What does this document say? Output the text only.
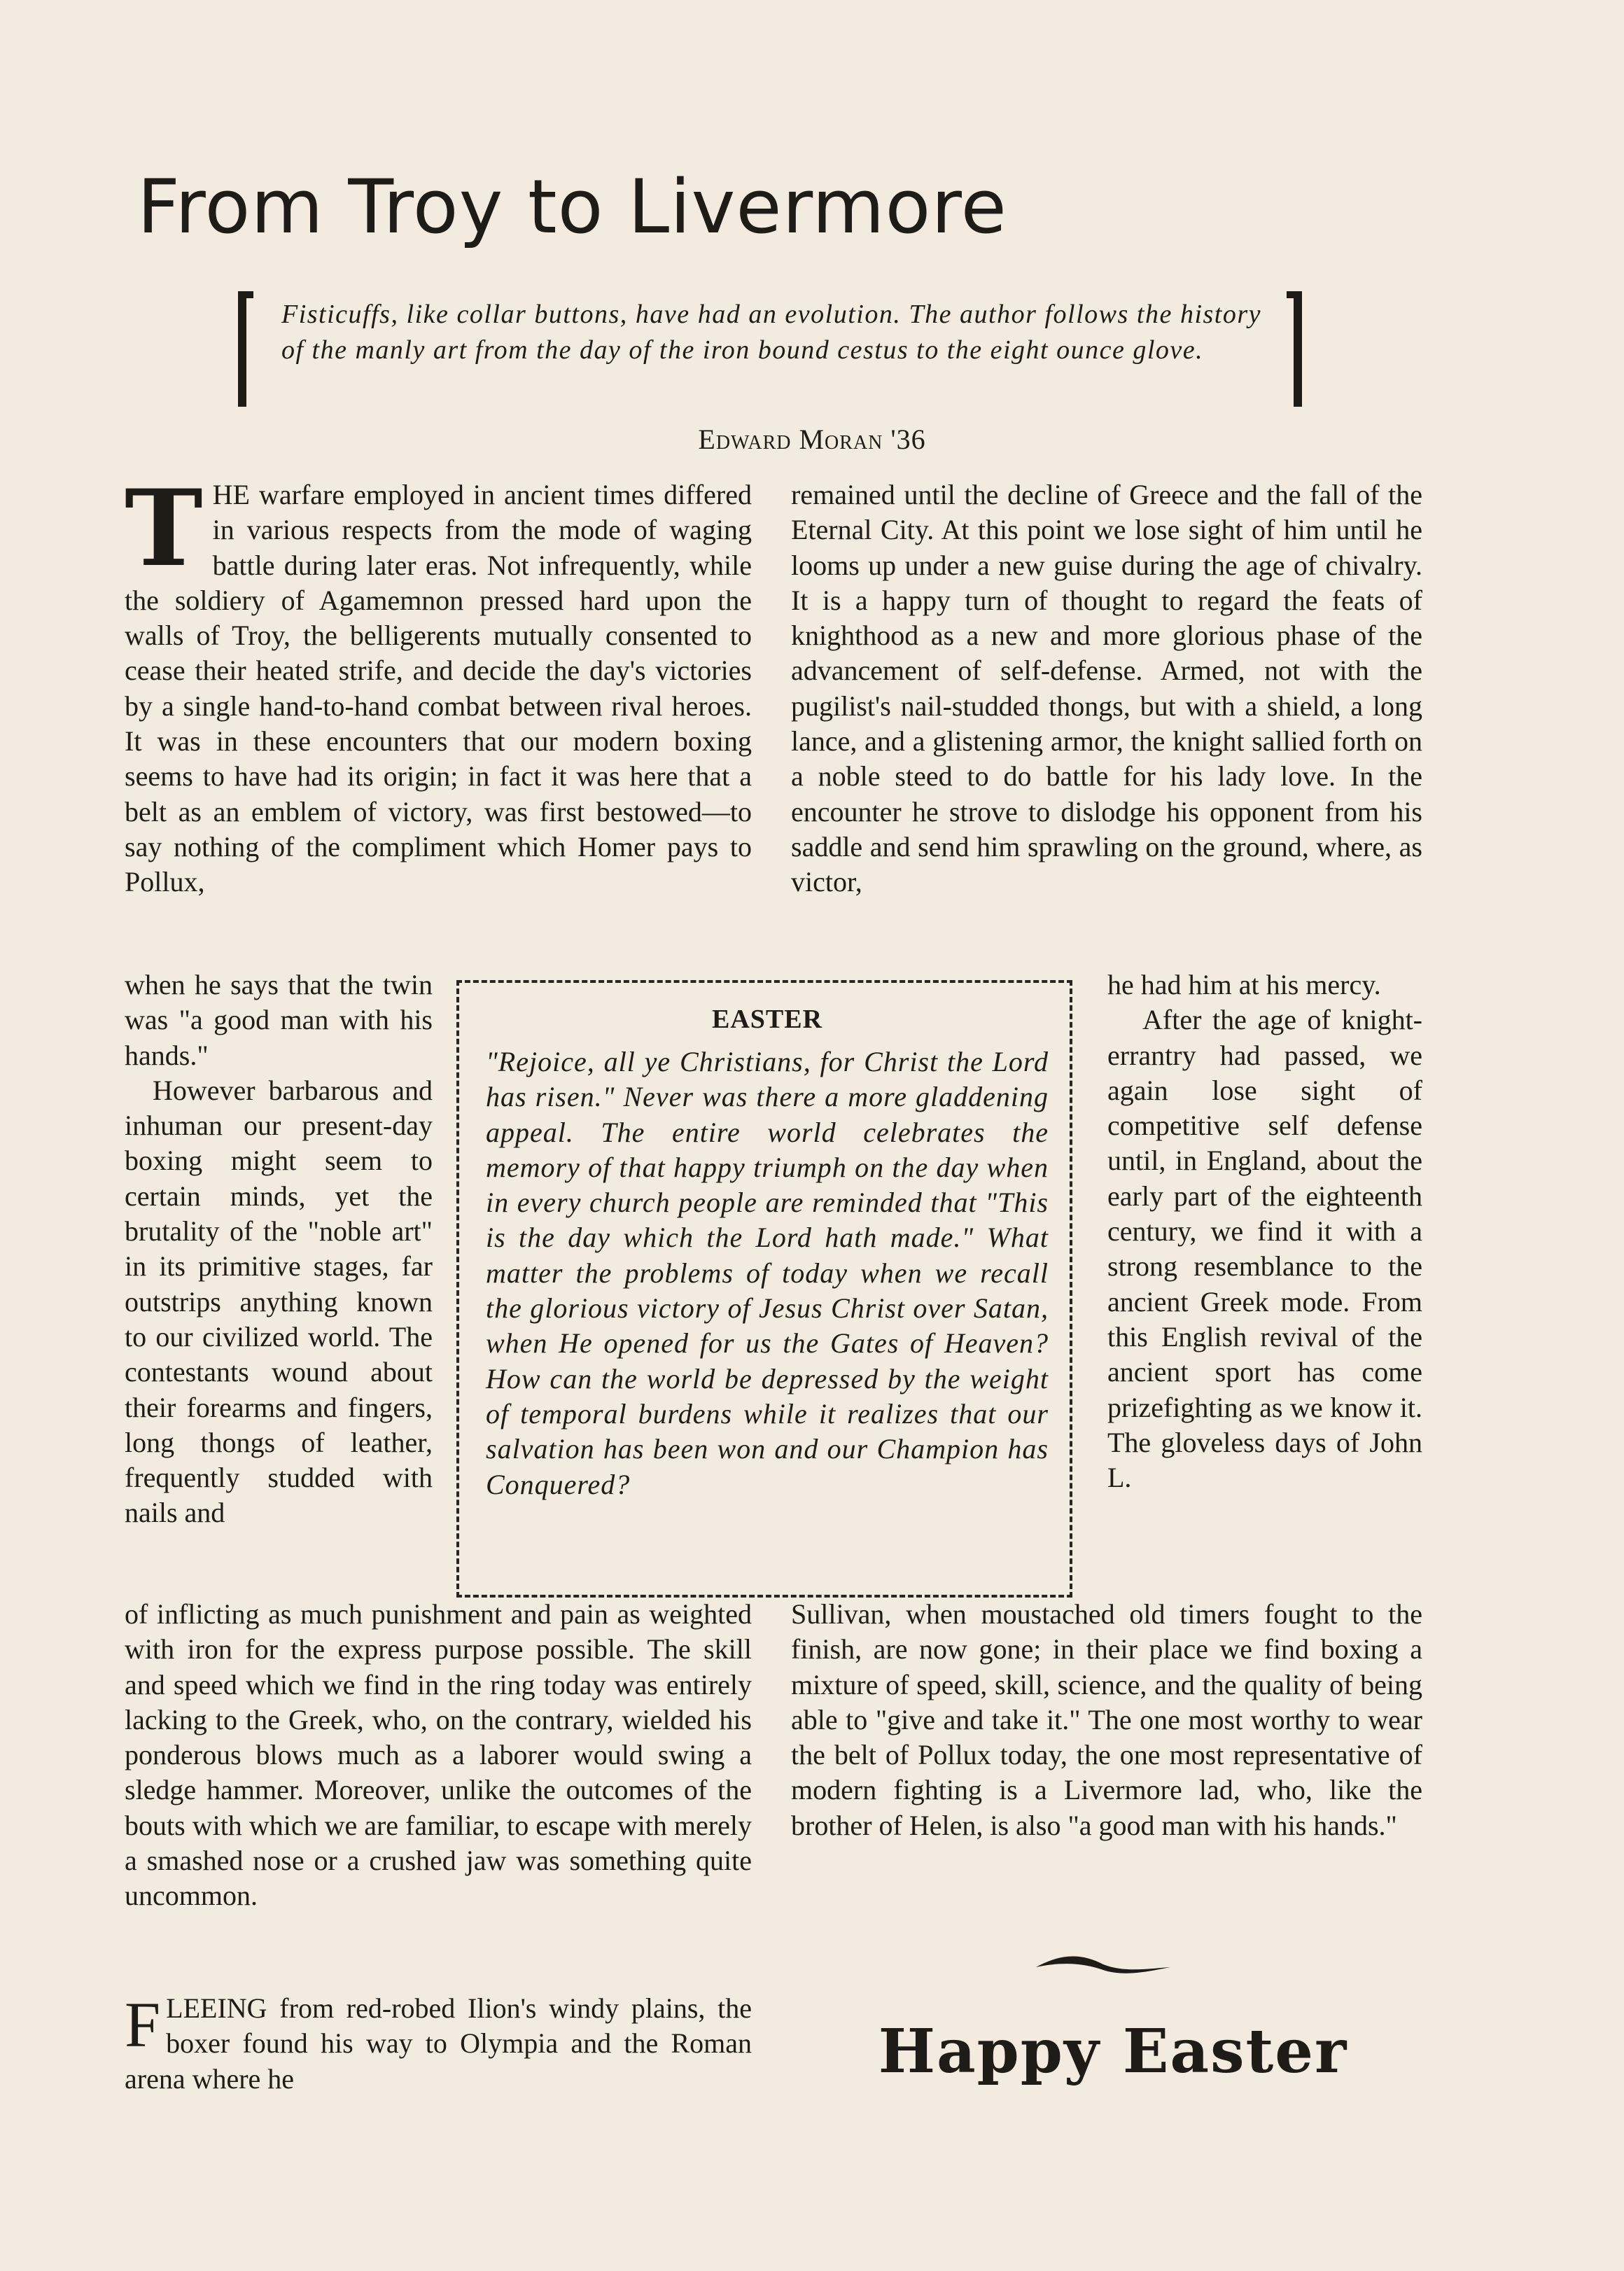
From Troy to Livermore
Fisticuffs, like collar buttons, have had an evolution. The author follows the history of the manly art from the day of the iron bound cestus to the eight ounce glove.
Edward Moran '36
T HE warfare employed in ancient times differed in various respects from the mode of waging battle during later eras. Not infrequently, while the soldiery of Agamemnon pressed hard upon the walls of Troy, the belligerents mutually consented to cease their heated strife, and decide the day's victories by a single hand-to-hand combat between rival heroes. It was in these encounters that our modern boxing seems to have had its origin; in fact it was here that a belt as an emblem of victory, was first bestowed—to say nothing of the compliment which Homer pays to Pollux,
when he says that the twin was "a good man with his hands."
However barbarous and inhuman our present-day boxing might seem to certain minds, yet the brutality of the "noble art" in its primitive stages, far outstrips anything known to our civilized world. The contestants wound about their forearms and fingers, long thongs of leather, frequently studded with nails and
EASTER

"Rejoice, all ye Christians, for Christ the Lord has risen." Never was there a more gladdening appeal. The entire world celebrates the memory of that happy triumph on the day when in every church people are reminded that "This is the day which the Lord hath made." What matter the problems of today when we recall the glorious victory of Jesus Christ over Satan, when He opened for us the Gates of Heaven? How can the world be depressed by the weight of temporal burdens while it realizes that our salvation has been won and our Champion has Conquered?

of inflicting as much punishment and pain as weighted with iron for the express purpose possible. The skill and speed which we find in the ring today was entirely lacking to the Greek, who, on the contrary, wielded his ponderous blows much as a laborer would swing a sledge hammer. Moreover, unlike the outcomes of the bouts with which we are familiar, to escape with merely a smashed nose or a crushed jaw was something quite uncommon.
F LEEING from red-robed Ilion's windy plains, the boxer found his way to Olympia and the Roman arena where he
remained until the decline of Greece and the fall of the Eternal City. At this point we lose sight of him until he looms up under a new guise during the age of chivalry. It is a happy turn of thought to regard the feats of knighthood as a new and more glorious phase of the advancement of self-defense. Armed, not with the pugilist's nail-studded thongs, but with a shield, a long lance, and a glistening armor, the knight sallied forth on a noble steed to do battle for his lady love. In the encounter he strove to dislodge his opponent from his saddle and send him sprawling on the ground, where, as victor,
he had him at his mercy.
After the age of knight-errantry had passed, we again lose sight of competitive self defense until, in England, about the early part of the eighteenth century, we find it with a strong resemblance to the ancient Greek mode. From this English revival of the ancient sport has come prizefighting as we know it. The gloveless days of John L.
Sullivan, when moustached old timers fought to the finish, are now gone; in their place we find boxing a mixture of speed, skill, science, and the quality of being able to "give and take it." The one most worthy to wear the belt of Pollux today, the one most representative of modern fighting is a Livermore lad, who, like the brother of Helen, is also "a good man with his hands."
Happy Easter
